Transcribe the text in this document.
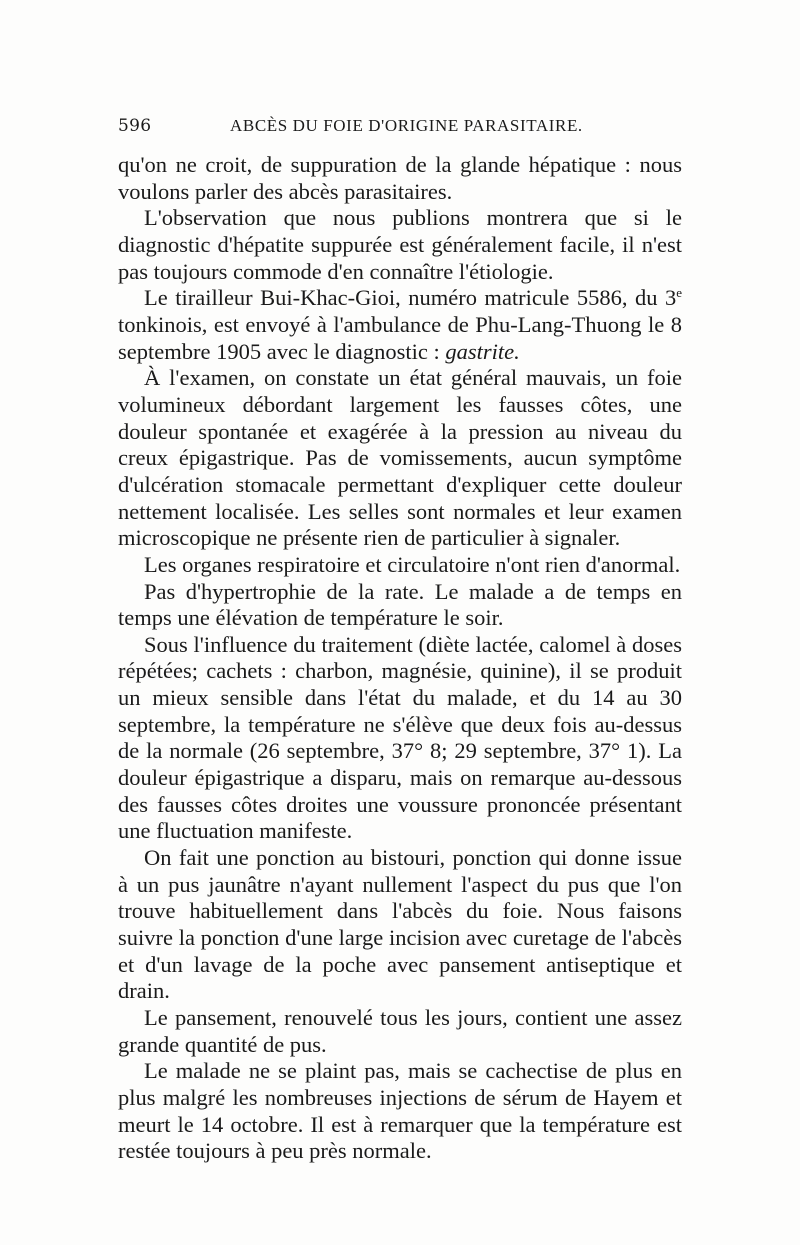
596	ABCÈS DU FOIE D'ORIGINE PARASITAIRE.

qu'on ne croit, de suppuration de la glande hépatique : nous voulons parler des abcès parasitaires.

L'observation que nous publions montrera que si le diagnostic d'hépatite suppurée est généralement facile, il n'est pas toujours commode d'en connaître l'étiologie.

Le tirailleur Bui-Khac-Gioi, numéro matricule 5586, du 3e tonkinois, est envoyé à l'ambulance de Phu-Lang-Thuong le 8 septembre 1905 avec le diagnostic : gastrite.

À l'examen, on constate un état général mauvais, un foie volumineux débordant largement les fausses côtes, une douleur spontanée et exagérée à la pression au niveau du creux épigastrique. Pas de vomissements, aucun symptôme d'ulcération stomacale permettant d'expliquer cette douleur nettement localisée. Les selles sont normales et leur examen microscopique ne présente rien de particulier à signaler.

Les organes respiratoire et circulatoire n'ont rien d'anormal.

Pas d'hypertrophie de la rate. Le malade a de temps en temps une élévation de température le soir.

Sous l'influence du traitement (diète lactée, calomel à doses répétées; cachets : charbon, magnésie, quinine), il se produit un mieux sensible dans l'état du malade, et du 14 au 30 septembre, la température ne s'élève que deux fois au-dessus de la normale (26 septembre, 37° 8; 29 septembre, 37° 1). La douleur épigastrique a disparu, mais on remarque au-dessous des fausses côtes droites une voussure prononcée présentant une fluctuation manifeste.

On fait une ponction au bistouri, ponction qui donne issue à un pus jaunâtre n'ayant nullement l'aspect du pus que l'on trouve habituellement dans l'abcès du foie. Nous faisons suivre la ponction d'une large incision avec curetage de l'abcès et d'un lavage de la poche avec pansement antiseptique et drain.

Le pansement, renouvelé tous les jours, contient une assez grande quantité de pus.

Le malade ne se plaint pas, mais se cachectise de plus en plus malgré les nombreuses injections de sérum de Hayem et meurt le 14 octobre. Il est à remarquer que la température est restée toujours à peu près normale.
